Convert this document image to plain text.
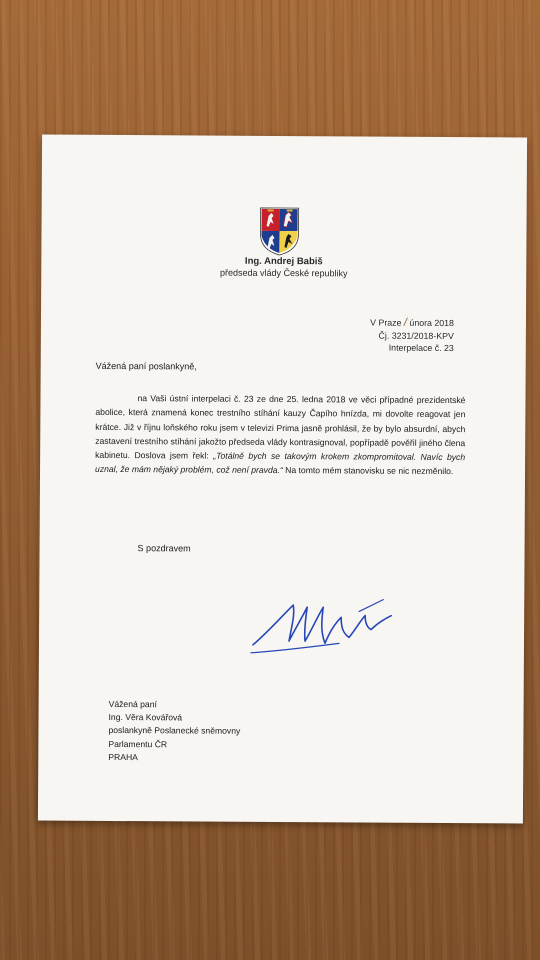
Ing. Andrej Babiš
předseda vlády České republiky
V Praze / února 2018
Čj. 3231/2018-KPV
Interpelace č. 23
Vážená paní poslankyně,
na Vaši ústní interpelaci č. 23 ze dne 25. ledna 2018 ve věci případné prezidentské abolice, která znamená konec trestního stíhání kauzy Čapího hnízda, mi dovolte reagovat jen krátce. Již v říjnu loňského roku jsem v televizi Prima jasně prohlásil, že by bylo absurdní, abych zastavení trestního stíhání jakožto předseda vlády kontrasignoval, popřípadě pověřil jiného člena kabinetu. Doslova jsem řekl: „Totálně bych se takovým krokem zkompromitoval. Navíc bych uznal, že mám nějaký problém, což není pravda.“ Na tomto mém stanovisku se nic nezměnilo.
S pozdravem
Vážená paní
Ing. Věra Kovářová
poslankyně Poslanecké sněmovny
Parlamentu ČR
PRAHA
